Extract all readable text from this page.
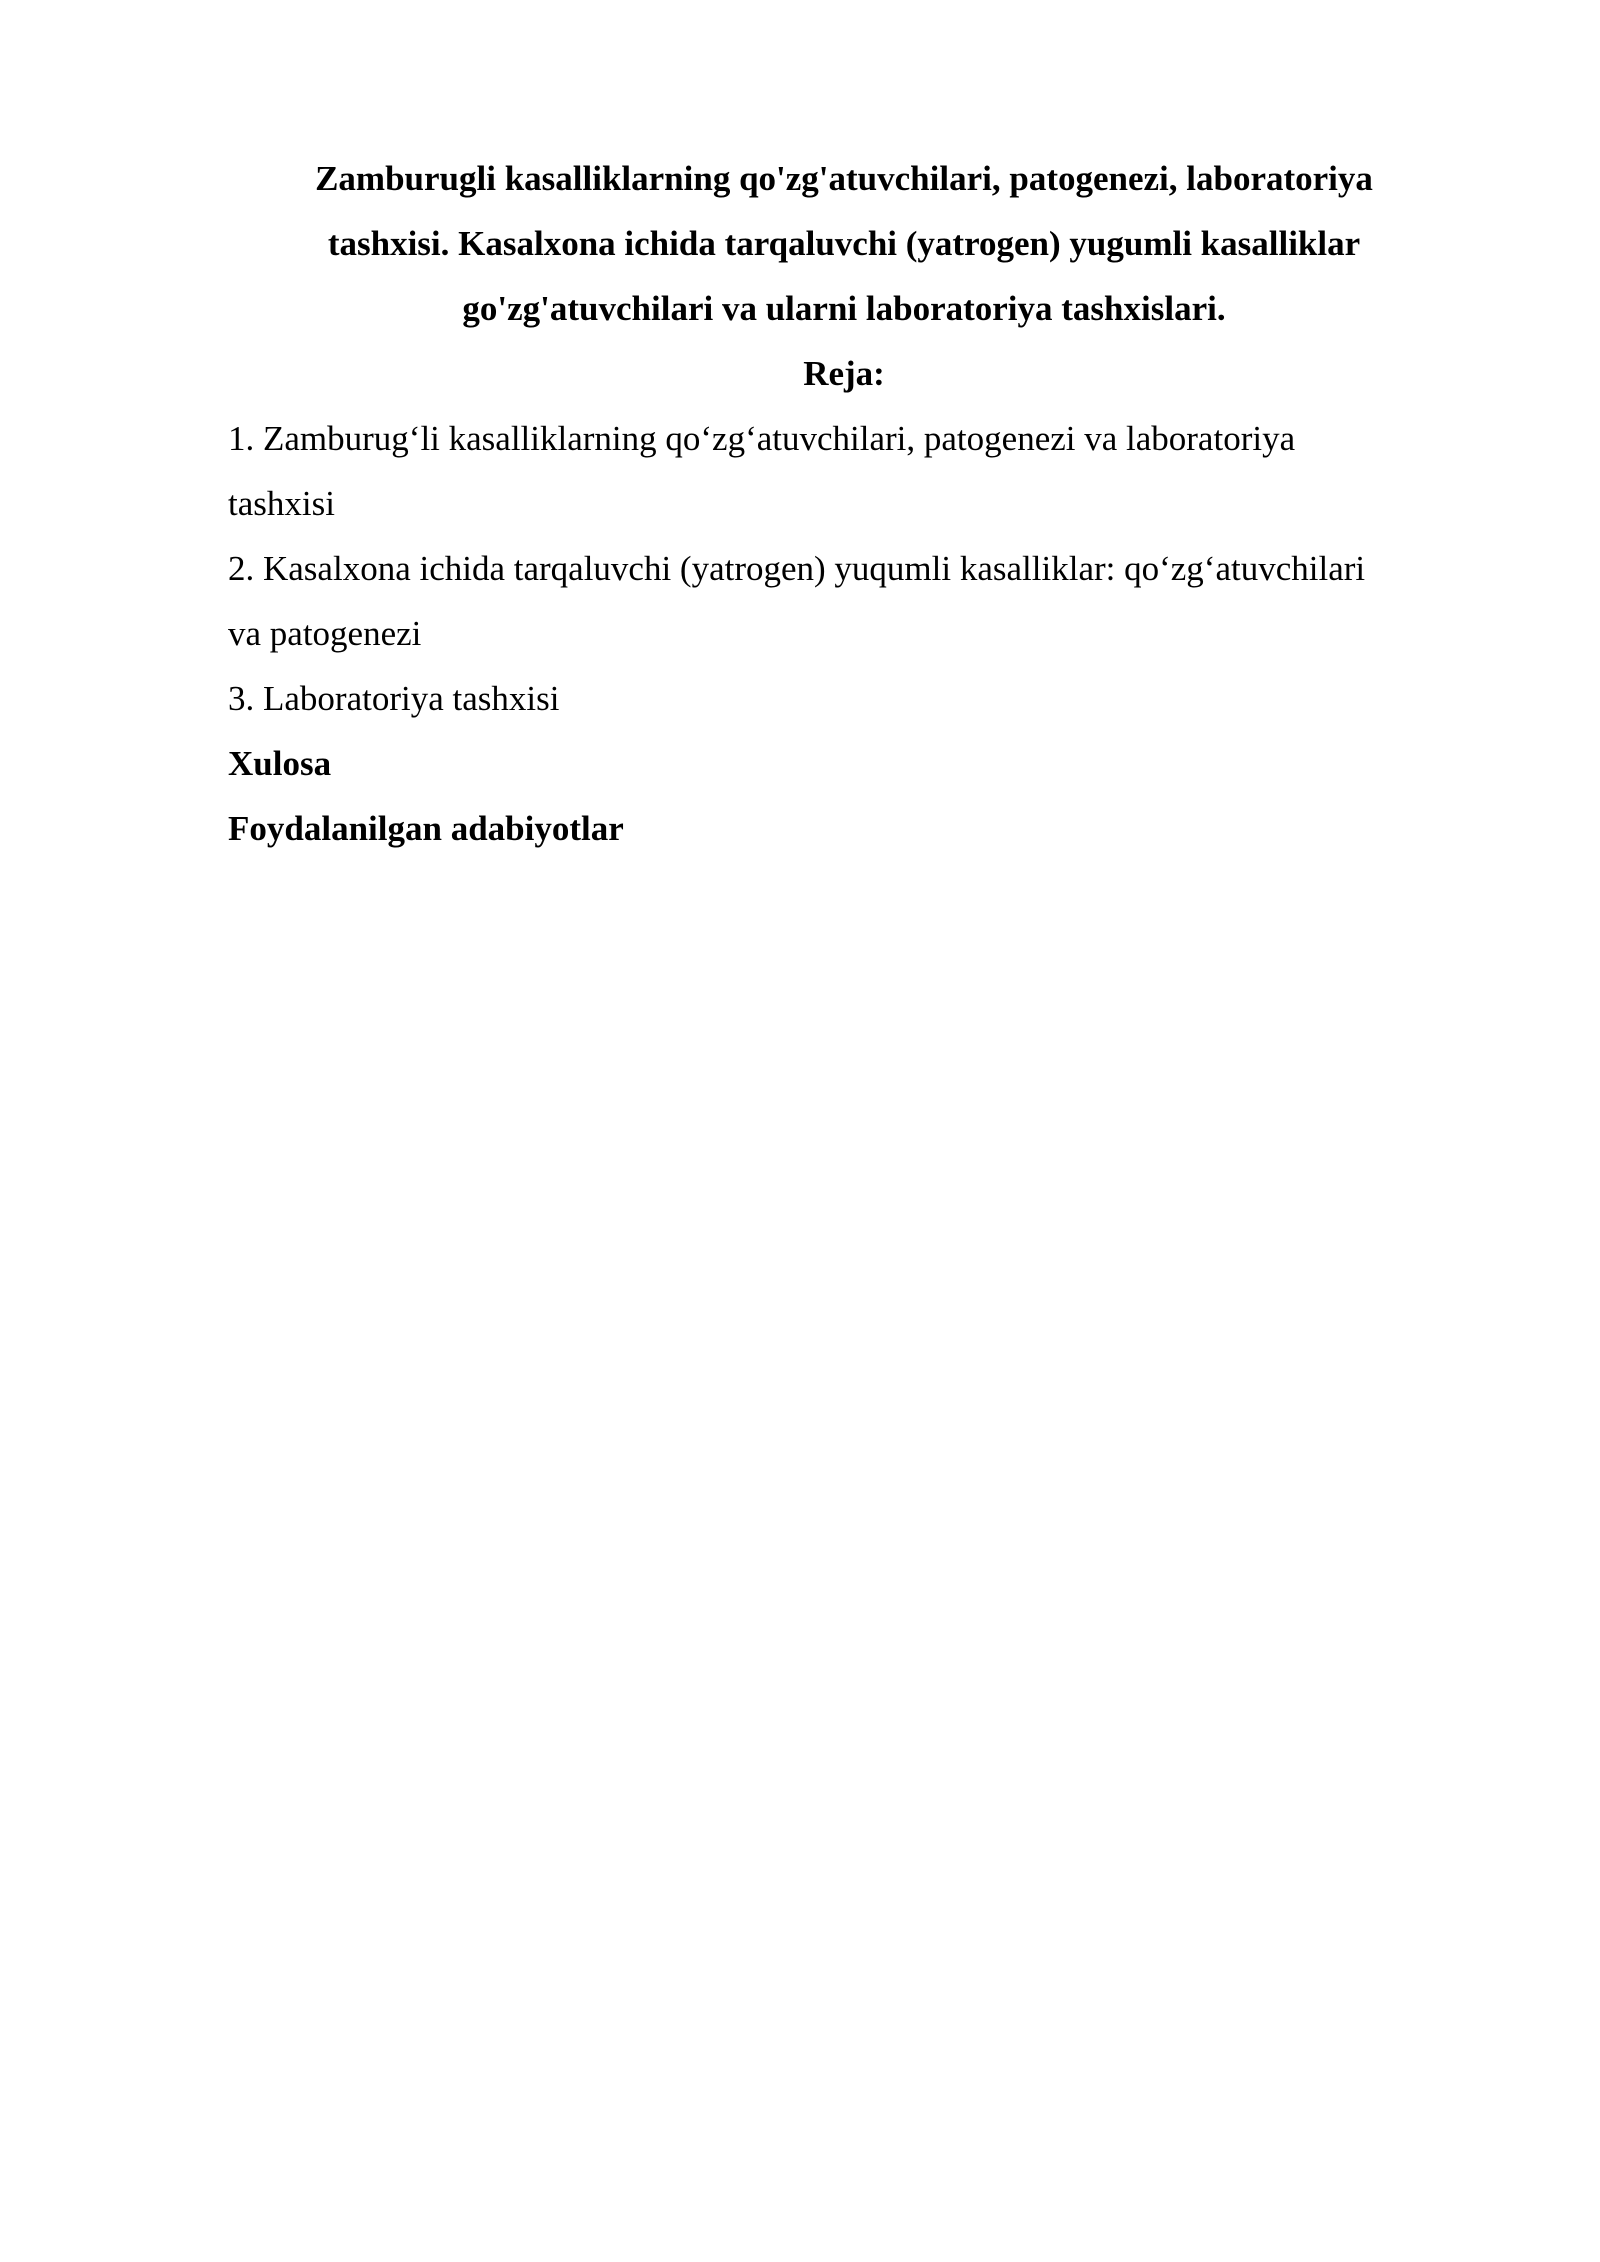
Zamburugli kasalliklarning qo'zg'atuvchilari, patogenezi, laboratoriya
tashxisi. Kasalxona ichida tarqaluvchi (yatrogen) yugumli kasalliklar
go'zg'atuvchilari va ularni laboratoriya tashxislari.

Reja:

1. Zamburug‘li kasalliklarning qo‘zg‘atuvchilari, patogenezi va laboratoriya
tashxisi
2. Kasalxona ichida tarqaluvchi (yatrogen) yuqumli kasalliklar: qo‘zg‘atuvchilari
va patogenezi
3. Laboratoriya tashxisi

Xulosa

Foydalanilgan adabiyotlar
